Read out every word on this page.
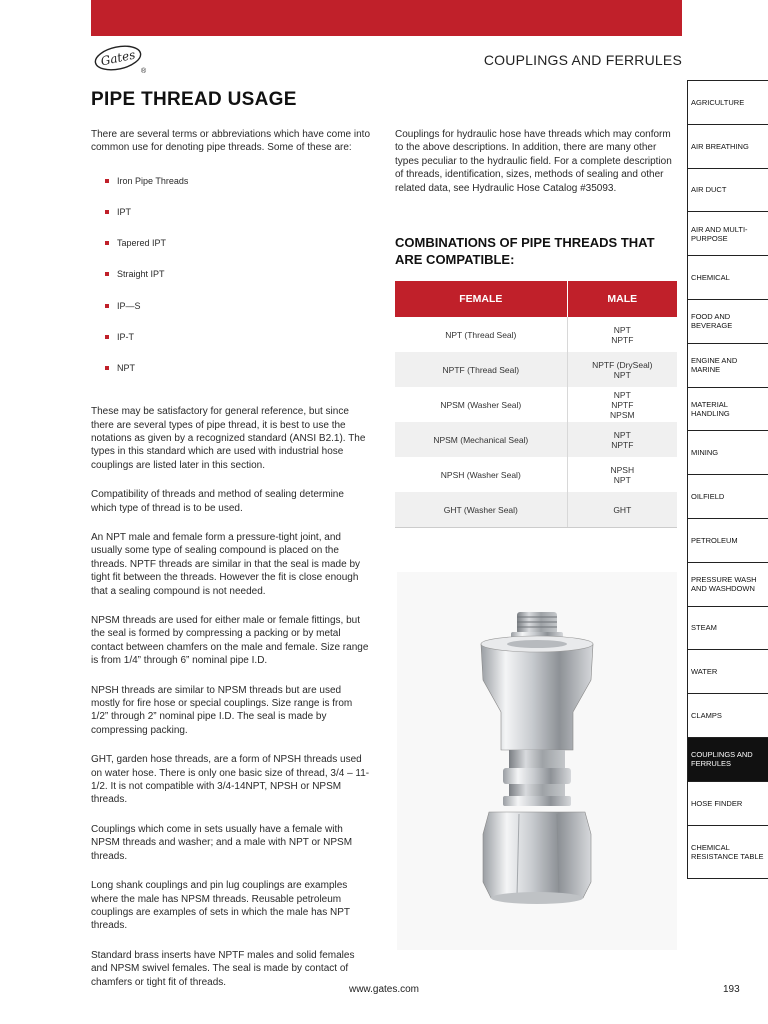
Gates
®
COUPLINGS AND FERRULES
PIPE THREAD USAGE

There are several terms or abbreviations which have come into common use for denoting pipe threads. Some of these are:

Iron Pipe Threads
IPT
Tapered IPT
Straight IPT
IP—S
IP-T
NPT

These may be satisfactory for general reference, but since there are several types of pipe thread, it is best to use the notations as given by a recognized standard (ANSI B2.1). The types in this standard which are used with industrial hose couplings are listed later in this section.

Compatibility of threads and method of sealing determine which type of thread is to be used.

An NPT male and female form a pressure-tight joint, and usually some type of sealing compound is placed on the threads. NPTF threads are similar in that the seal is made by tight fit between the threads. However the fit is close enough that a sealing compound is not needed.

NPSM threads are used for either male or female fittings, but the seal is formed by compressing a packing or by metal contact between chamfers on the male and female. Size range is from 1/4” through 6” nominal pipe I.D.

NPSH threads are similar to NPSM threads but are used mostly for fire hose or special couplings. Size range is from 1/2” through 2” nominal pipe I.D. The seal is made by compressing packing.

GHT, garden hose threads, are a form of NPSH threads used on water hose. There is only one basic size of thread, 3/4 – 11-1/2. It is not compatible with 3/4-14NPT, NPSH or NPSM threads.

Couplings which come in sets usually have a female with NPSM threads and washer; and a male with NPT or NPSM threads.

Long shank couplings and pin lug couplings are examples where the male has NPSM threads. Reusable petroleum couplings are examples of sets in which the male has NPT threads.

Standard brass inserts have NPTF males and solid females and NPSM swivel females. The seal is made by contact of chamfers or tight fit of threads.

Couplings for hydraulic hose have threads which may conform to the above descriptions. In addition, there are many other types peculiar to the hydraulic field. For a complete description of threads, identification, sizes, methods of sealing and other related data, see Hydraulic Hose Catalog #35093.

COMBINATIONS OF PIPE THREADS THAT ARE COMPATIBLE:
FEMALE	MALE
NPT (Thread Seal)	NPT
NPTF

NPTF (Thread Seal)	NPTF (DrySeal)
NPT

NPSM (Washer Seal)	NPT
NPTF
NPSM

NPSM (Mechanical Seal)	NPT
NPTF

NPSH (Washer Seal)	NPSH
NPT

GHT (Washer Seal)	GHT
AGRICULTURE
AIR BREATHING
AIR DUCT
AIR AND MULTI-PURPOSE
CHEMICAL
FOOD AND BEVERAGE
ENGINE AND MARINE
MATERIAL HANDLING
MINING
OILFIELD
PETROLEUM
PRESSURE WASH AND WASHDOWN
STEAM
WATER
CLAMPS
COUPLINGS AND FERRULES
HOSE FINDER
CHEMICAL RESISTANCE TABLE
www.gates.com	193
